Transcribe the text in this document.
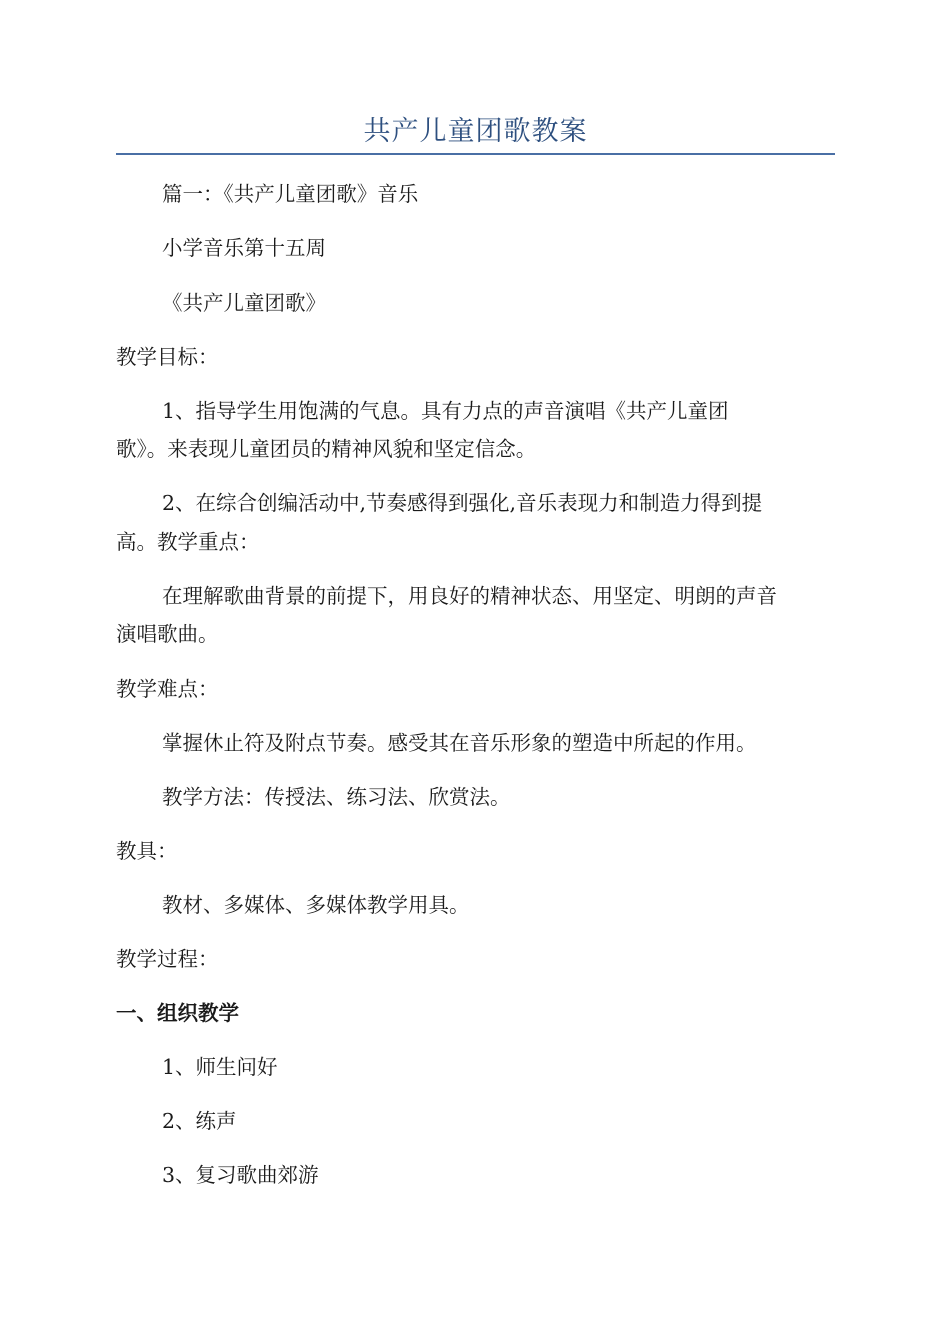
共产儿童团歌教案
篇一：《共产儿童团歌》音乐
小学音乐第十五周
《共产儿童团歌》
教学目标：
1、指导学生用饱满的气息。具有力点的声音演唱《共产儿童团
歌》。来表现儿童团员的精神风貌和坚定信念。
2、在综合创编活动中,节奏感得到强化,音乐表现力和制造力得到提
高。教学重点：
在理解歌曲背景的前提下，用良好的精神状态、用坚定、明朗的声音
演唱歌曲。
教学难点：
掌握休止符及附点节奏。感受其在音乐形象的塑造中所起的作用。
教学方法：传授法、练习法、欣赏法。
教具：
教材、多媒体、多媒体教学用具。
教学过程：
一、组织教学
1、师生问好
2、练声
3、复习歌曲郊游
